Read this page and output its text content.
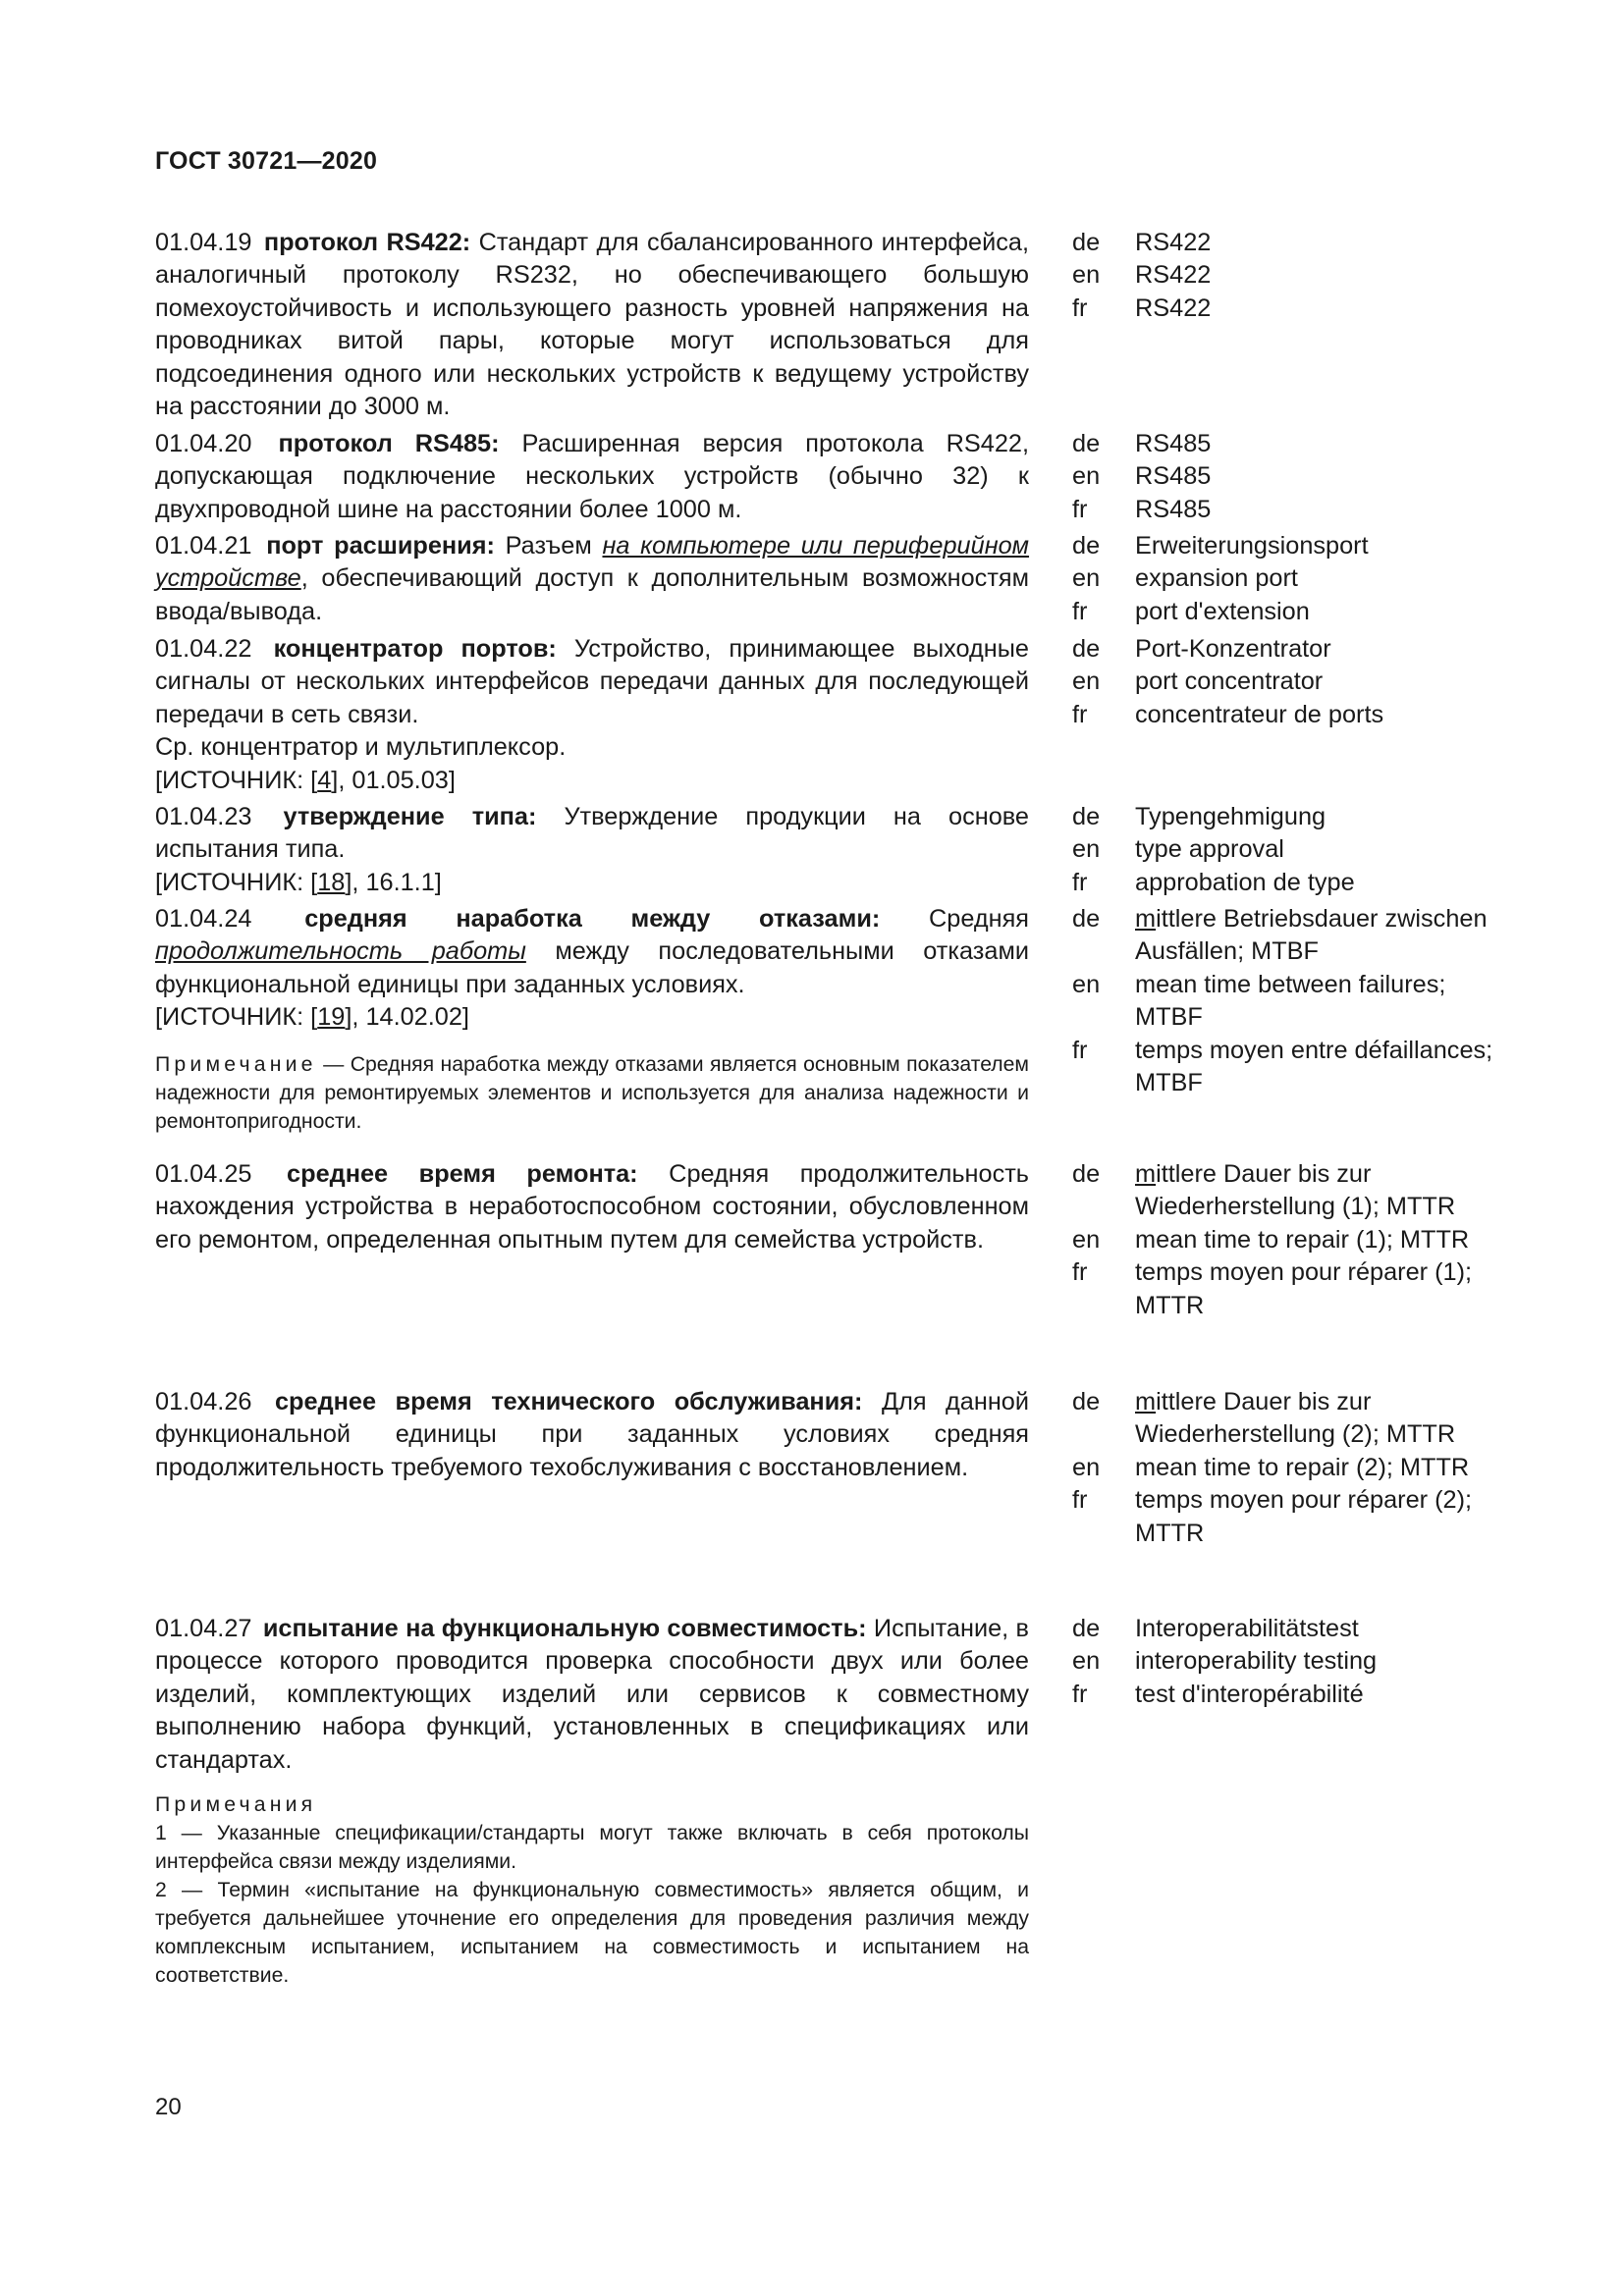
ГОСТ 30721—2020

01.04.19 протокол RS422: Стандарт для сбалансированного интерфейса, аналогичный протоколу RS232, но обеспечивающего большую помехоустойчивость и использующего разность уровней напряжения на проводниках витой пары, которые могут использоваться для подсоединения одного или нескольких устройств к ведущему устройству на расстоянии до 3000 м.

de	RS422
en	RS422
fr	RS422

01.04.20 протокол RS485: Расширенная версия протокола RS422, допускающая подключение нескольких устройств (обычно 32) к двухпроводной шине на расстоянии более 1000 м.

de	RS485
en	RS485
fr	RS485

01.04.21 порт расширения: Разъем на компьютере или периферийном устройстве, обеспечивающий доступ к дополнительным возможностям ввода/вывода.

de	Erweiterungsionsport
en	expansion port
fr	port d'extension

01.04.22 концентратор портов: Устройство, принимающее выходные сигналы от нескольких интерфейсов передачи данных для последующей передачи в сеть связи.

Ср. концентратор и мультиплексор.

[ИСТОЧНИК: [4], 01.05.03]

de	Port-Konzentrator
en	port concentrator
fr	concentrateur de ports

01.04.23 утверждение типа: Утверждение продукции на основе испытания типа.

[ИСТОЧНИК: [18], 16.1.1]

de	Typengehmigung
en	type approval
fr	approbation de type

01.04.24 средняя наработка между отказами: Средняя продолжительность работы между последовательными отказами функциональной единицы при заданных условиях.

[ИСТОЧНИК: [19], 14.02.02]

Примечание — Средняя наработка между отказами является основным показателем надежности для ремонтируемых элементов и используется для анализа надежности и ремонтопригодности.

de	mittlere Betriebsdauer zwischen Ausfällen; MTBF
en	mean time between failures; MTBF
fr	temps moyen entre défaillances; MTBF

01.04.25 среднее время ремонта: Средняя продолжительность нахождения устройства в неработоспособном состоянии, обусловленном его ремонтом, определенная опытным путем для семейства устройств.

de	mittlere Dauer bis zur Wiederherstellung (1); MTTR
en	mean time to repair (1); MTTR
fr	temps moyen pour réparer (1); MTTR

01.04.26 среднее время технического обслуживания: Для данной функциональной единицы при заданных условиях средняя продолжительность требуемого техобслуживания с восстановлением.

de	mittlere Dauer bis zur Wiederherstellung (2); MTTR
en	mean time to repair (2); MTTR
fr	temps moyen pour réparer (2); MTTR

01.04.27 испытание на функциональную совместимость: Испытание, в процессе которого проводится проверка способности двух или более изделий, комплектующих изделий или сервисов к совместному выполнению набора функций, установленных в спецификациях или стандартах.

Примечания

1 — Указанные спецификации/стандарты могут также включать в себя протоколы интерфейса связи между изделиями.

2 — Термин «испытание на функциональную совместимость» является общим, и требуется дальнейшее уточнение его определения для проведения различия между комплексным испытанием, испытанием на совместимость и испытанием на соответствие.

de	Interoperabilitätstest
en	interoperability testing
fr	test d'interopérabilité
20
